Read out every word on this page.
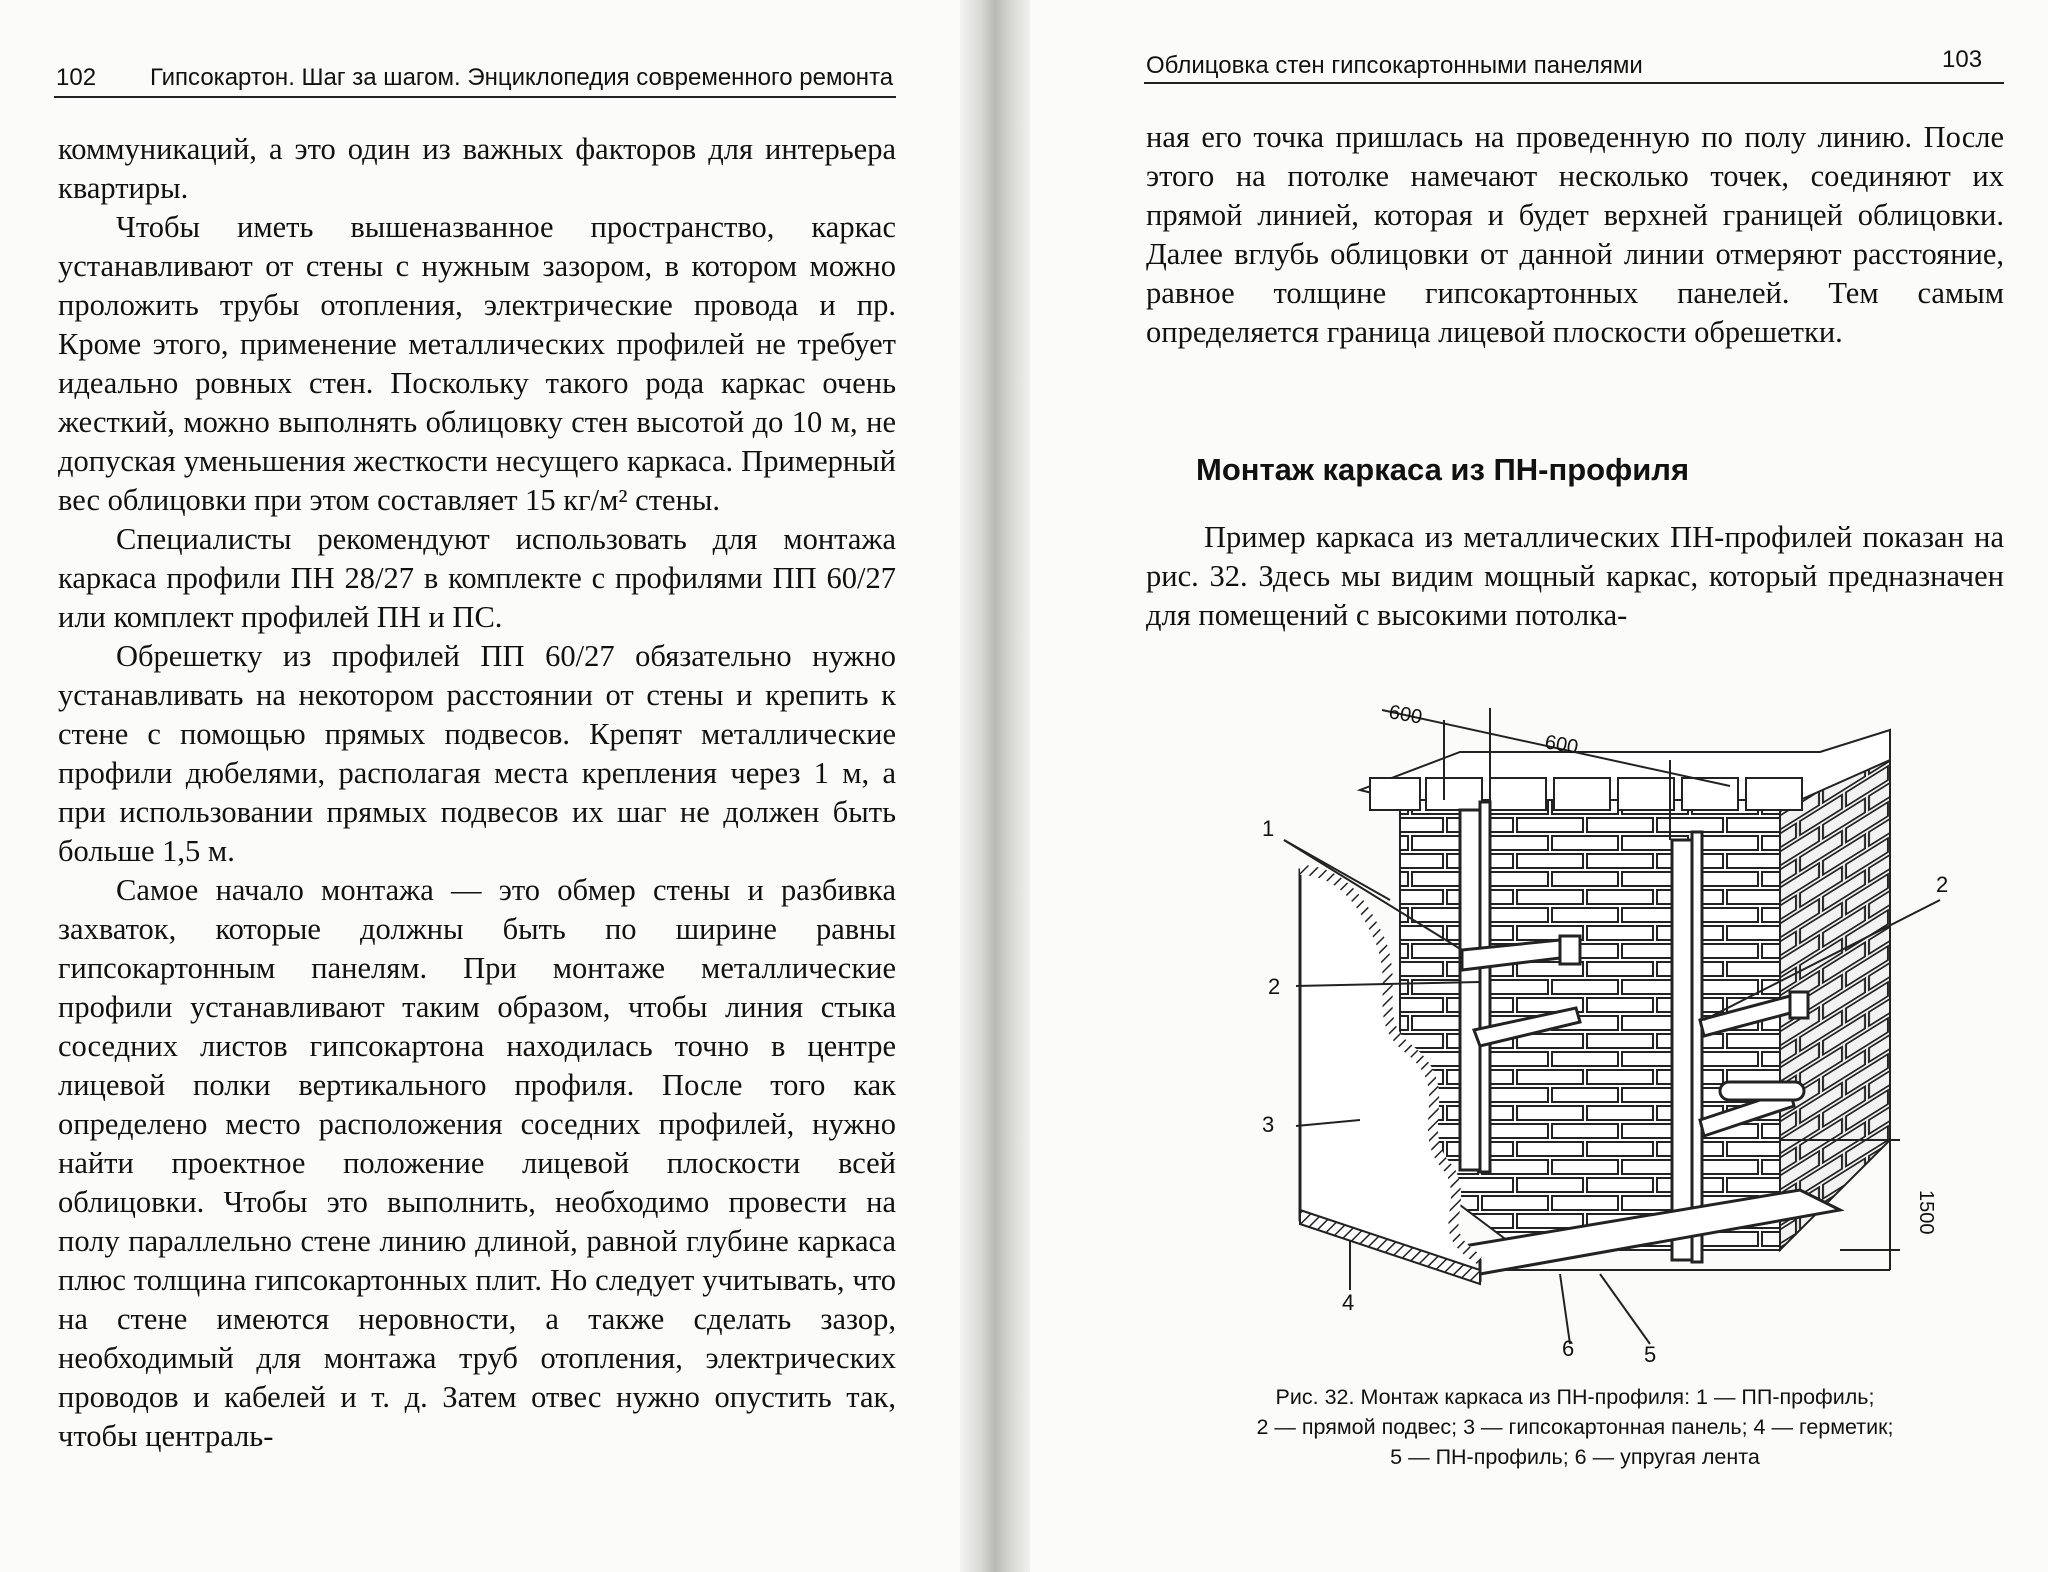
102 Гипсокартон. Шаг за шагом. Энциклопедия современного ремонта

коммуникаций, а это один из важных факторов для интерьера квартиры.

Чтобы иметь вышеназванное пространство, каркас устанавливают от стены с нужным зазором, в котором можно проложить трубы отопления, электрические провода и пр. Кроме этого, применение металлических профилей не требует идеально ровных стен. Поскольку такого рода каркас очень жесткий, можно выполнять облицовку стен высотой до 10 м, не допуская уменьшения жесткости несущего каркаса. Примерный вес облицовки при этом составляет 15 кг/м² стены.

Специалисты рекомендуют использовать для монтажа каркаса профили ПН 28/27 в комплекте с профилями ПП 60/27 или комплект профилей ПН и ПС.

Обрешетку из профилей ПП 60/27 обязательно нужно устанавливать на некотором расстоянии от стены и крепить к стене с помощью прямых подвесов. Крепят металлические профили дюбелями, располагая места крепления через 1 м, а при использовании прямых подвесов их шаг не должен быть больше 1,5 м.

Самое начало монтажа — это обмер стены и разбивка захваток, которые должны быть по ширине равны гипсокартонным панелям. При монтаже металлические профили устанавливают таким образом, чтобы линия стыка соседних листов гипсокартона находилась точно в центре лицевой полки вертикального профиля. После того как определено место расположения соседних профилей, нужно найти проектное положение лицевой плоскости всей облицовки. Чтобы это выполнить, необходимо провести на полу параллельно стене линию длиной, равной глубине каркаса плюс толщина гипсокартонных плит. Но следует учитывать, что на стене имеются неровности, а также сделать зазор, необходимый для монтажа труб отопления, электрических проводов и кабелей и т. д. Затем отвес нужно опустить так, чтобы централь-

Облицовка стен гипсокартонными панелями	103

ная его точка пришлась на проведенную по полу линию. После этого на потолке намечают несколько точек, соединяют их прямой линией, которая и будет верхней границей облицовки. Далее вглубь облицовки от данной линии отмеряют расстояние, равное толщине гипсокартонных панелей. Тем самым определяется граница лицевой плоскости обрешетки.

Монтаж каркаса из ПН-профиля

Пример каркаса из металлических ПН-профилей показан на рис. 32. Здесь мы видим мощный каркас, который предназначен для помещений с высокими потолка-

600
600
1500
1
2
2
3
4
5
6
Рис. 32. Монтаж каркаса из ПН-профиля: 1 — ПП-профиль;
2 — прямой подвес; 3 — гипсокартонная панель; 4 — герметик;
5 — ПН-профиль; 6 — упругая лента
